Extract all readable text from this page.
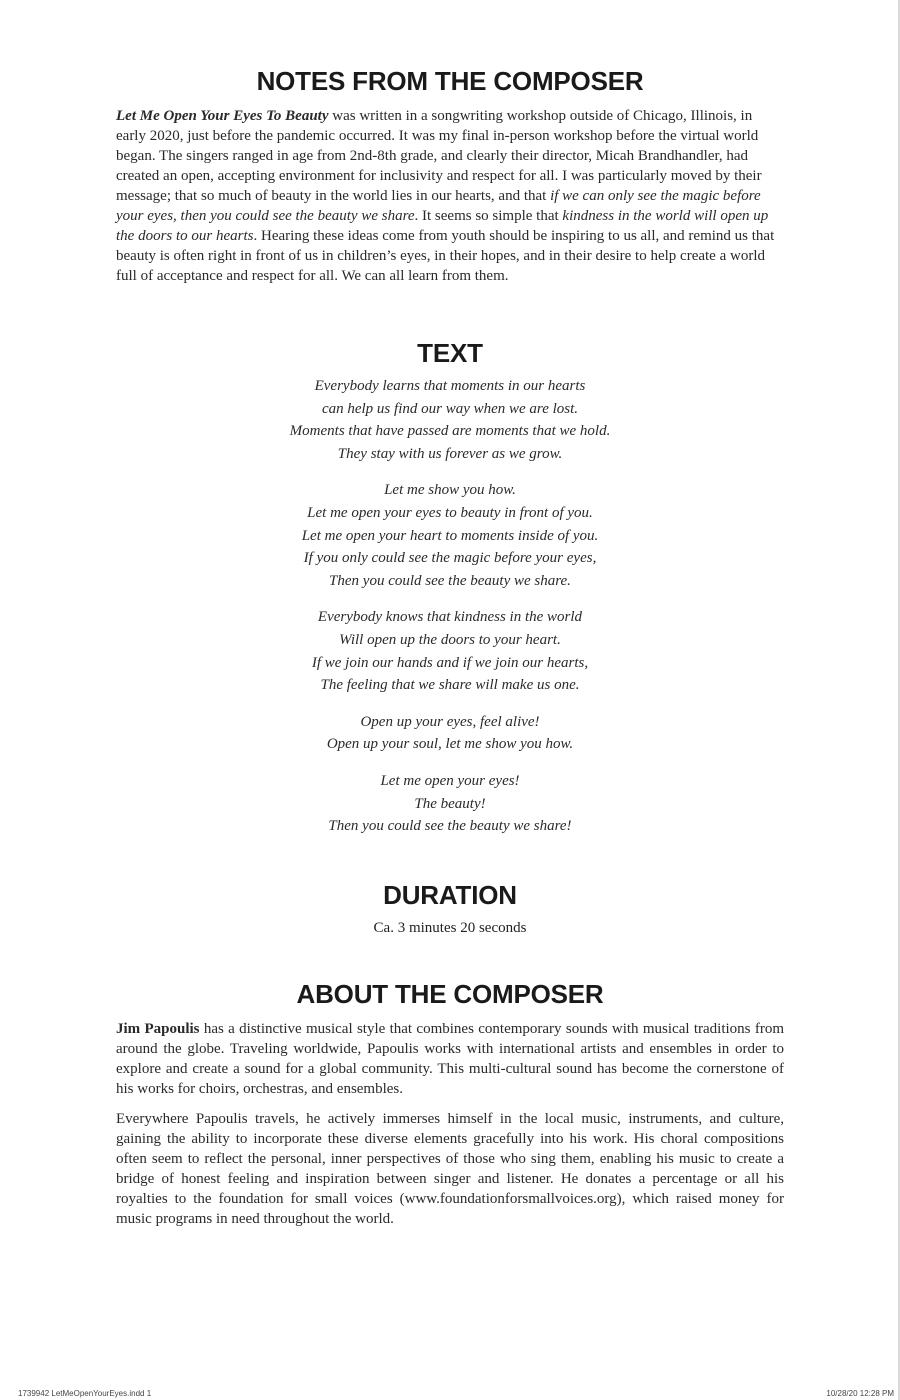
NOTES FROM THE COMPOSER

Let Me Open Your Eyes To Beauty was written in a songwriting workshop outside of Chicago, Illinois, in early 2020, just before the pandemic occurred. It was my final in-person workshop before the virtual world began. The singers ranged in age from 2nd-8th grade, and clearly their director, Micah Brandhandler, had created an open, accepting environment for inclusivity and respect for all. I was particularly moved by their message; that so much of beauty in the world lies in our hearts, and that if we can only see the magic before your eyes, then you could see the beauty we share. It seems so simple that kindness in the world will open up the doors to our hearts. Hearing these ideas come from youth should be inspiring to us all, and remind us that beauty is often right in front of us in children’s eyes, in their hopes, and in their desire to help create a world full of acceptance and respect for all. We can all learn from them.

TEXT

Everybody learns that moments in our hearts
can help us find our way when we are lost.
Moments that have passed are moments that we hold.
They stay with us forever as we grow.

Let me show you how.
Let me open your eyes to beauty in front of you.
Let me open your heart to moments inside of you.
If you only could see the magic before your eyes,
Then you could see the beauty we share.

Everybody knows that kindness in the world
Will open up the doors to your heart.
If we join our hands and if we join our hearts,
The feeling that we share will make us one.

Open up your eyes, feel alive!
Open up your soul, let me show you how.

Let me open your eyes!
The beauty!
Then you could see the beauty we share!

DURATION
Ca. 3 minutes 20 seconds
ABOUT THE COMPOSER

Jim Papoulis has a distinctive musical style that combines contemporary sounds with musical traditions from around the globe. Traveling worldwide, Papoulis works with international artists and ensembles in order to explore and create a sound for a global community. This multi-cultural sound has become the cornerstone of his works for choirs, orchestras, and ensembles.

Everywhere Papoulis travels, he actively immerses himself in the local music, instruments, and culture, gaining the ability to incorporate these diverse elements gracefully into his work. His choral compositions often seem to reflect the personal, inner perspectives of those who sing them, enabling his music to create a bridge of honest feeling and inspiration between singer and listener. He donates a percentage or all his royalties to the foundation for small voices (www.foundationforsmallvoices.org), which raised money for music programs in need throughout the world.

1739942 LetMeOpenYourEyes.indd 1	10/28/20 12:28 PM
